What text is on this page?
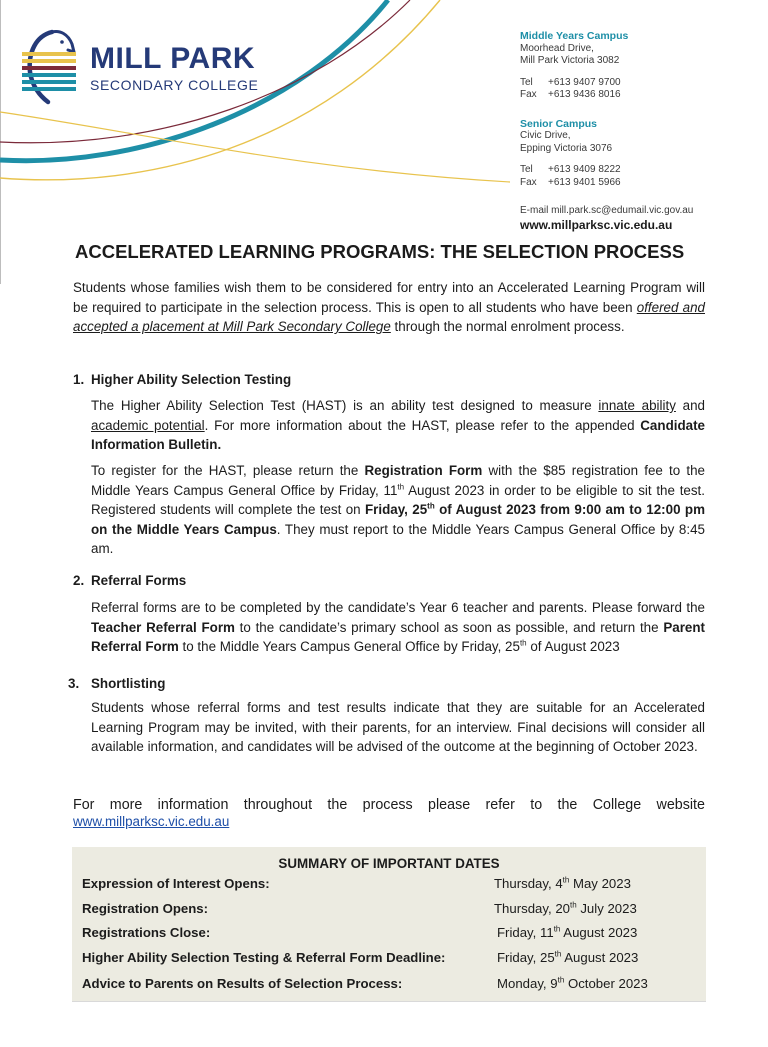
MILL PARK
SECONDARY COLLEGE
Middle Years Campus
Moorhead Drive,
Mill Park Victoria 3082
Tel +613 9407 9700
Fax +613 9436 8016
Senior Campus
Civic Drive,
Epping Victoria 3076
Tel +613 9409 8222
Fax +613 9401 5966
E-mail mill.park.sc@edumail.vic.gov.au
www.millparksc.vic.edu.au
ACCELERATED LEARNING PROGRAMS: THE SELECTION PROCESS
Students whose families wish them to be considered for entry into an Accelerated Learning Program will be required to participate in the selection process. This is open to all students who have been offered and accepted a placement at Mill Park Secondary College through the normal enrolment process.
1. Higher Ability Selection Testing
The Higher Ability Selection Test (HAST) is an ability test designed to measure innate ability and academic potential. For more information about the HAST, please refer to the appended Candidate Information Bulletin.
To register for the HAST, please return the Registration Form with the $85 registration fee to the Middle Years Campus General Office by Friday, 11th August 2023 in order to be eligible to sit the test. Registered students will complete the test on Friday, 25th of August 2023 from 9:00 am to 12:00 pm on the Middle Years Campus. They must report to the Middle Years Campus General Office by 8:45 am.
2. Referral Forms
Referral forms are to be completed by the candidate’s Year 6 teacher and parents. Please forward the Teacher Referral Form to the candidate’s primary school as soon as possible, and return the Parent Referral Form to the Middle Years Campus General Office by Friday, 25th of August 2023
3. Shortlisting
Students whose referral forms and test results indicate that they are suitable for an Accelerated Learning Program may be invited, with their parents, for an interview. Final decisions will consider all available information, and candidates will be advised of the outcome at the beginning of October 2023.
For more information throughout the process please refer to the College website
www.millparksc.vic.edu.au
SUMMARY OF IMPORTANT DATES
Expression of Interest Opens:	Thursday, 4th May 2023
Registration Opens:	Thursday, 20th July 2023
Registrations Close:	Friday, 11th August 2023
Higher Ability Selection Testing & Referral Form Deadline:	Friday, 25th August 2023
Advice to Parents on Results of Selection Process:	Monday, 9th October 2023
